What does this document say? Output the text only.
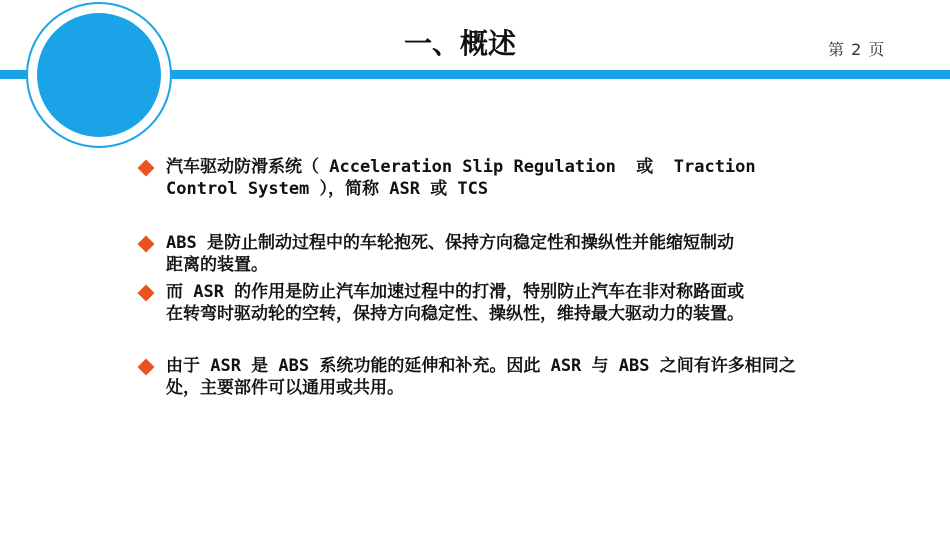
一、概述	第 2 页
汽车驱动防滑系统（ Acceleration Slip Regulation  或  Traction
Control System ），简称 ASR 或 TCS
ABS 是防止制动过程中的车轮抱死、保持方向稳定性和操纵性并能缩短制动
距离的装置。
而 ASR 的作用是防止汽车加速过程中的打滑，特别防止汽车在非对称路面或
在转弯时驱动轮的空转，保持方向稳定性、操纵性，维持最大驱动力的装置。
由于 ASR 是 ABS 系统功能的延伸和补充。因此 ASR 与 ABS 之间有许多相同之
处，主要部件可以通用或共用。
